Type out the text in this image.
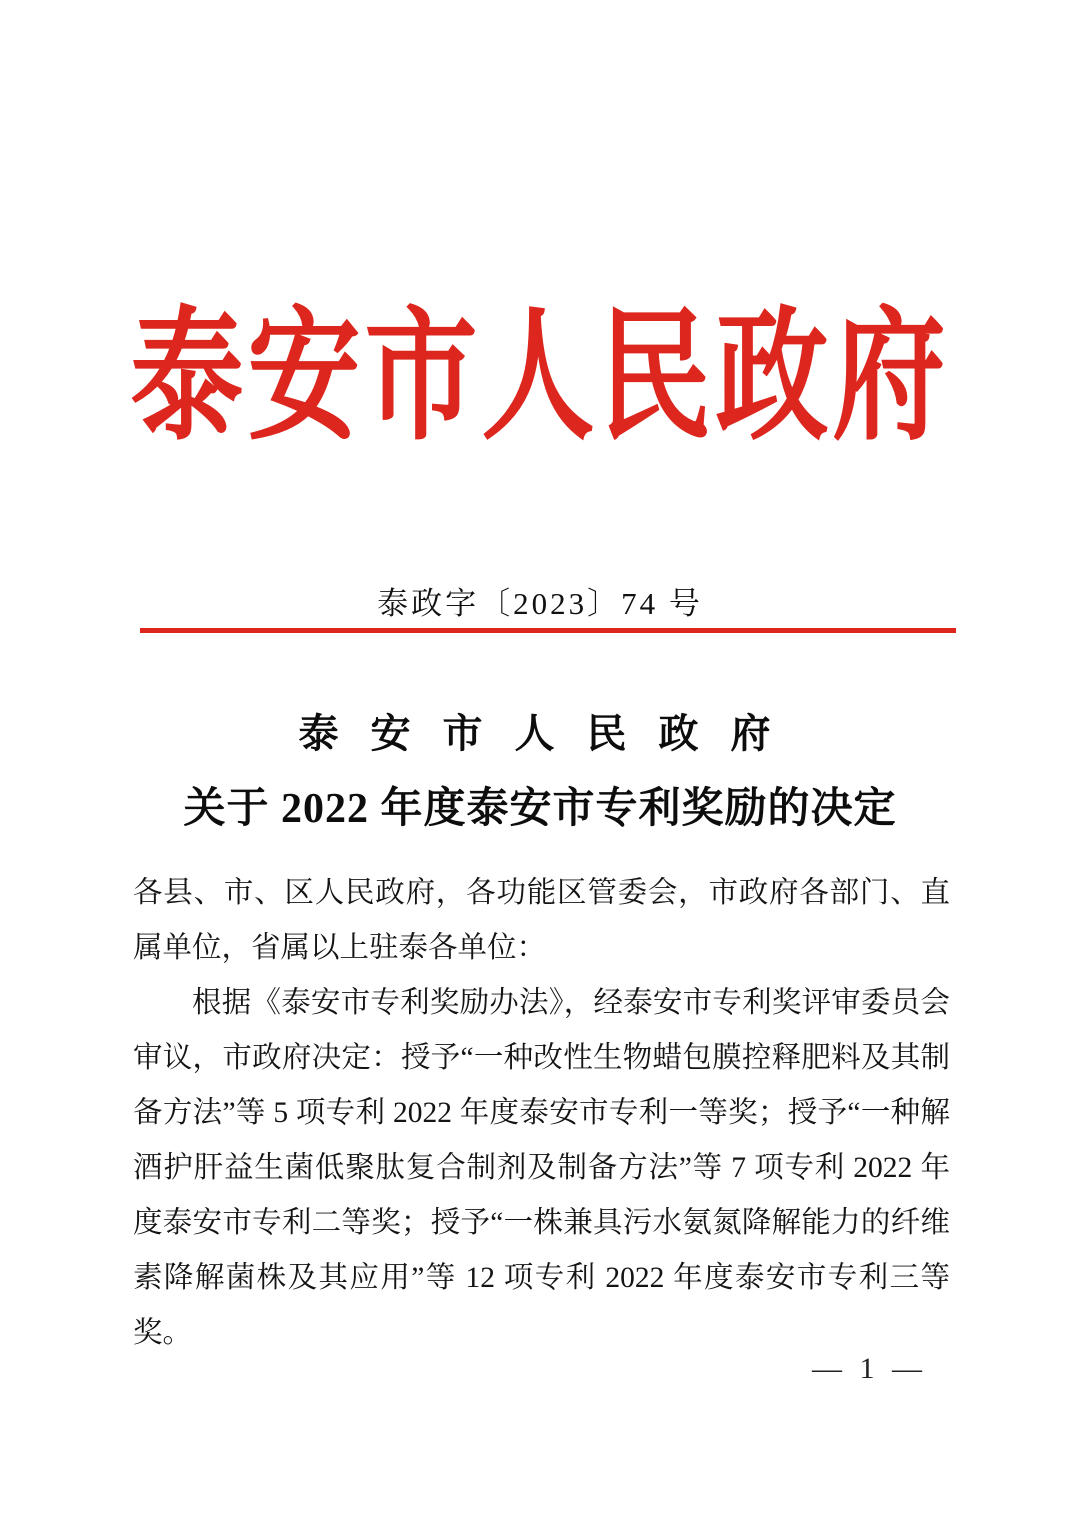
泰安市人民政府
泰政字〔2023〕74 号
泰 安 市 人 民 政 府
关于 2022 年度泰安市专利奖励的决定

各县、市、区人民政府，各功能区管委会，市政府各部门、直属单位，省属以上驻泰各单位：

根据《泰安市专利奖励办法》，经泰安市专利奖评审委员会审议，市政府决定：授予“一种改性生物蜡包膜控释肥料及其制备方法”等 5 项专利 2022 年度泰安市专利一等奖；授予“一种解酒护肝益生菌低聚肽复合制剂及制备方法”等 7 项专利 2022 年度泰安市专利二等奖；授予“一株兼具污水氨氮降解能力的纤维素降解菌株及其应用”等 12 项专利 2022 年度泰安市专利三等奖。

— 1 —
